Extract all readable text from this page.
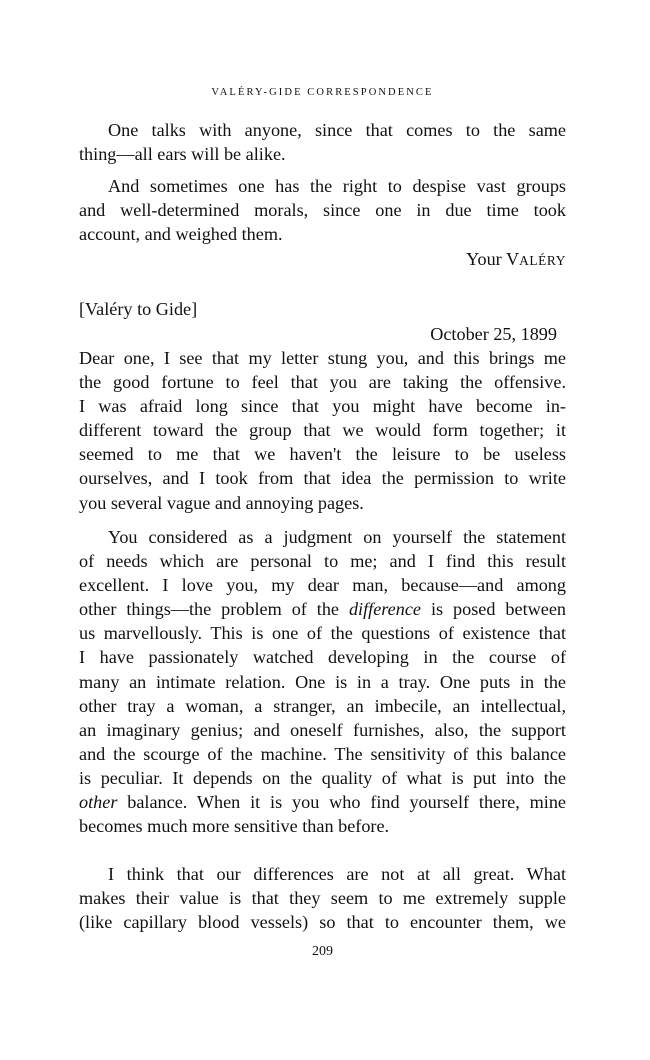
VALÉRY-GIDE CORRESPONDENCE
One talks with anyone, since that comes to the same
thing—all ears will be alike.
And sometimes one has the right to despise vast groups
and well-determined morals, since one in due time took
account, and weighed them.
Your VALÉRY
[Valéry to Gide]
October 25, 1899
Dear one, I see that my letter stung you, and this brings me
the good fortune to feel that you are taking the offensive.
I was afraid long since that you might have become in-
different toward the group that we would form together; it
seemed to me that we haven't the leisure to be useless
ourselves, and I took from that idea the permission to write
you several vague and annoying pages.
You considered as a judgment on yourself the statement
of needs which are personal to me; and I find this result
excellent. I love you, my dear man, because—and among
other things—the problem of the difference is posed between
us marvellously. This is one of the questions of existence that
I have passionately watched developing in the course of
many an intimate relation. One is in a tray. One puts in the
other tray a woman, a stranger, an imbecile, an intellectual,
an imaginary genius; and oneself furnishes, also, the support
and the scourge of the machine. The sensitivity of this balance
is peculiar. It depends on the quality of what is put into the
other balance. When it is you who find yourself there, mine
becomes much more sensitive than before.
I think that our differences are not at all great. What
makes their value is that they seem to me extremely supple
(like capillary blood vessels) so that to encounter them, we
209
